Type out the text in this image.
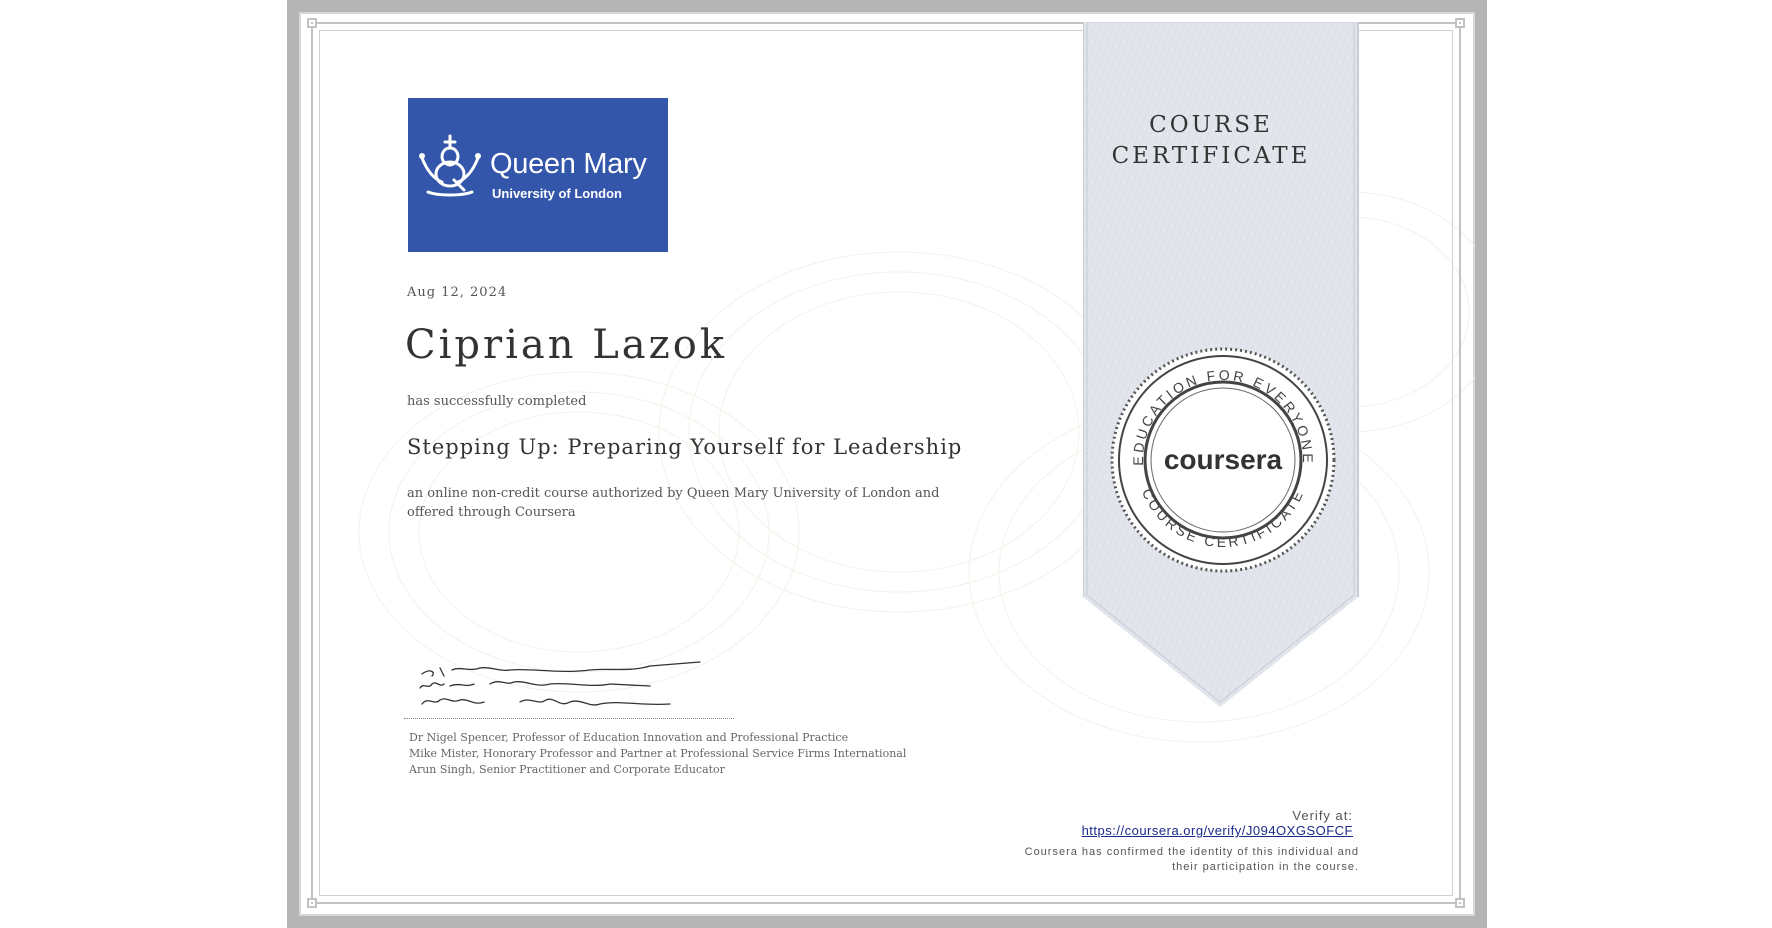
COURSE
CERTIFICATE
EDUCATION FOR EVERYONE
COURSE CERTIFICATE
coursera
Queen Mary
University of London
Aug 12, 2024
Ciprian Lazok
has successfully completed
Stepping Up: Preparing Yourself for Leadership
an online non-credit course authorized by Queen Mary University of London and offered through Coursera
Dr Nigel Spencer, Professor of Education Innovation and Professional Practice
Mike Mister, Honorary Professor and Partner at Professional Service Firms International
Arun Singh, Senior Practitioner and Corporate Educator
Verify at:
https://coursera.org/verify/J094OXGSOFCF
Coursera has confirmed the identity of this individual and
their participation in the course.
